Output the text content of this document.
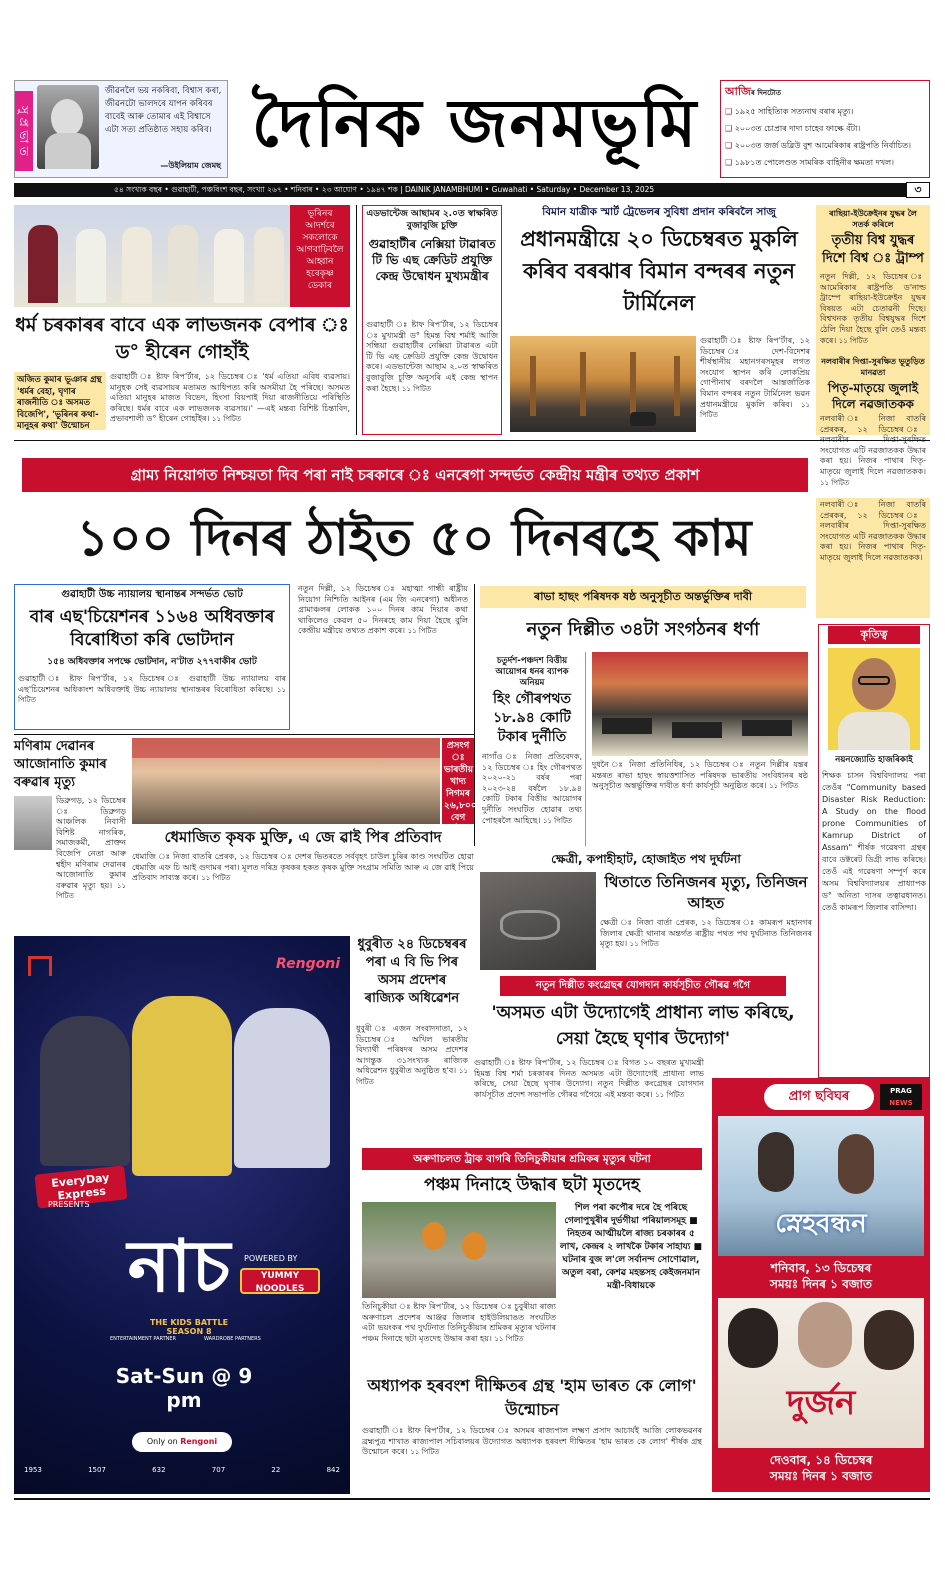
সু প্ৰ ভা ত
জীৱনলৈ ভয় নকৰিবা, বিশ্বাস কৰা, জীৱনটো ভালদৰে যাপন কৰিবৰ বাবেই আৰু তোমাৰ এই বিশ্বাসে এটা সত্য প্ৰতিষ্ঠাত সহায় কৰিব।
—উইলিয়াম জেমছ
দৈনিক জনমভূমি	আজিৰ দিনটোত
❑ ১৯২৫ সাহিত্যিক সত্যনাথ বৰাৰ মৃত্যু।
❑ ২০০৩ত চোপ্ৰাৰ দাদা চাহেব ফাল্কে বঁটা।
❑ ২০০৩ত জৰ্জ ডব্লিউ বুশ আমেৰিকাৰ ৰাষ্ট্ৰপতি নিৰ্বাচিত।
❑ ১৯৮১ত পোলেণ্ডত সামৰিক বাহিনীৰ ক্ষমতা দখল।
৫৪ সংখ্যক বছৰ • গুৱাহাটী, পঞ্চবিংশ বছৰ, সংখ্যা ২৬৭ • শনিবাৰ • ২৩ আঘোণ • ১৯৪৭ শক | DAINIK JANAMBHUMI • Guwahati • Saturday • December 13, 2025	৩
ভূৰিনৰ আদৰ্শৰে সকলোকে আগবাঢ়িবলৈ আহ্বান হৰেকৃষ্ণ ডেকাৰ
ধৰ্ম চৰকাৰৰ বাবে এক লাভজনক বেপাৰ ঃ ড° হীৰেন গোহাঁই
অজিত কুমাৰ ভূঞাৰ গ্ৰন্থ 'ধৰ্মৰ বেহা, ঘৃণাৰ ৰাজনীতি ঃ অসমত বিজেপি', 'ভূৰিনৰ কথা-মানুহৰ কথা' উন্মোচন
গুৱাহাটী ঃ ষ্টাফ ৰিপ'ৰ্টাৰ, ১২ ডিচেম্বৰ ঃ 'ধৰ্ম এতিয়া এবিধ ব্যৱসায়। মানুহক সেই ব্যৱসায়ৰ মতামত আধিপত্য কৰি অসমীয়া হৈ পৰিছে। অসমত এতিয়া মানুহৰ মাজত বিভেদ, হিংসা বিয়পাই দিয়া ৰাজনীতিয়ে পৰিস্থিতি কৰিছে। ধৰ্মৰ বাবে এক লাভজনক ব্যৱসায়।' —এই মন্তব্য বিশিষ্ট চিন্তাবিদ, প্ৰভাবশালী ড° হীৰেন গোহাঁইৰ। ১১ পিটিত
এডভান্টেজ আছামৰ ২.০ত স্বাক্ষৰিত বুজাবুজি চুক্তি
গুৱাহাটীৰ নেক্সিয়া টাৱাৰত টি ভি এছ ক্ৰেডিট প্ৰযুক্তি কেন্দ্ৰ উদ্বোধন মুখ্যমন্ত্ৰীৰ
গুৱাহাটী ঃ ষ্টাফ ৰিপ'ৰ্টাৰ, ১২ ডিচেম্বৰ ঃ মুখ্যমন্ত্ৰী ড° হিমন্ত বিশ্ব শৰ্মাই আজি সন্ধিয়া গুৱাহাটীৰ নেক্সিয়া টাৱাৰত এটা টি ভি এছ ক্ৰেডিট প্ৰযুক্তি কেন্দ্ৰ উদ্বোধন কৰে। এডভান্টেজ আছাম ২.০ত স্বাক্ষৰিত বুজাবুজি চুক্তি অনুসৰি এই কেন্দ্ৰ স্থাপন কৰা হৈছে। ১১ পিটিত
বিমান যাত্ৰীক স্মাৰ্ট ট্ৰেভেলৰ সুবিধা প্ৰদান কৰিবলৈ সাজু
প্ৰধানমন্ত্ৰীয়ে ২০ ডিচেম্বৰত মুকলি কৰিব বৰঝাৰ বিমান বন্দৰৰ নতুন টাৰ্মিনেল
গুৱাহাটী ঃ ষ্টাফ ৰিপ'ৰ্টাৰ, ১২ ডিচেম্বৰ ঃ দেশ-বিদেশৰ শীৰ্ষস্থানীয় মহানগৰসমূহৰ লগত সংযোগ স্থাপন কৰি লোকপ্ৰিয় গোপীনাথ বৰদলৈ আন্তৰ্জাতিক বিমান বন্দৰৰ নতুন টাৰ্মিনেল ভৱন প্ৰধানমন্ত্ৰীয়ে মুকলি কৰিব। ১১ পিটিত
ৰাছিয়া-ইউক্ৰেইনৰ যুদ্ধৰ লৈ সতৰ্ক কৰিলে
তৃতীয় বিশ্ব যুদ্ধৰ দিশে বিশ্ব ঃ ট্ৰাম্প
নতুন দিল্লী, ১২ ডিচেম্বৰ ঃ আমেৰিকাৰ ৰাষ্ট্ৰপতি ড'নাল্ড ট্ৰাম্পে ৰাছিয়া-ইউক্ৰেইন যুদ্ধৰ বিষয়ত এটা চেতাৱনী দিছে। বিশ্বখনক তৃতীয় বিশ্বযুদ্ধৰ দিশে ঠেলি দিয়া হৈছে বুলি তেওঁ মন্তব্য কৰে। ১১ পিটিত
নলবাৰীৰ দিপ্তা-সুৰক্ষিত ভূতুড়িত মানৱতা
পিতৃ-মাতৃয়ে জুলাই দিলে নৱজাতকক
নলবাৰী ঃ নিজা বাতৰি প্ৰেৰকৰ, ১২ ডিচেম্বৰ ঃ সংযোগত এটি নৱজাতকক উদ্ধাৰ কৰা হয়। নিজৰ পাথাৰ দিতৃ-মাতৃয়ে জুলাই দিলে নৱজাতকক। ১১ পিটিত
নলবাৰী ঃ নিজা বাতৰি প্ৰেৰকৰ, ১২ ডিচেম্বৰ ঃ নলবাৰীৰ দিপ্তা-সুৰক্ষিত সংযোগত এটি নৱজাতকক উদ্ধাৰ কৰা হয়। নিজৰ পাথাৰ দিতৃ-মাতৃয়ে জুলাই দিলে নৱজাতকক।
গ্ৰাম্য নিয়োগত নিশ্চয়তা দিব পৰা নাই চৰকাৰে ঃ এনৰেগা সন্দৰ্ভত কেন্দ্ৰীয় মন্ত্ৰীৰ তথ্যত প্ৰকাশ
১০০ দিনৰ ঠাইত ৫০ দিনৰহে কাম
গুৱাহাটী উচ্চ ন্যায়ালয় স্থানান্তৰ সন্দৰ্ভত ভোট
বাৰ এছ'চিয়েশনৰ ১১৬৪ অধিবক্তাৰ বিৰোধিতা কৰি ভোটদান
১৫৪ অধিবক্তাৰ সপক্ষে ভোটদান, ন'টাত ২৭৭বাকীৰ ভোট
গুৱাহাটী ঃ ষ্টাফ ৰিপ'ৰ্টাৰ, ১২ ডিচেম্বৰ ঃ গুৱাহাটী উচ্চ ন্যায়ালয় বাৰ এছ'চিয়েশনৰ অধিকাংশ অধিবক্তাই উচ্চ ন্যায়ালয় স্থানান্তৰৰ বিৰোধিতা কৰিছে। ১১ পিটিত
নতুন দিল্লী, ১২ ডিচেম্বৰ ঃ মহাত্মা গান্ধী ৰাষ্ট্ৰীয় নিয়োগ নিশ্চিতি আইনৰ (এম জি এনৰেগা) অধীনত গ্ৰামাঞ্চলৰ লোকক ১০০ দিনৰ কাম দিয়াৰ কথা থাকিলেও কেৱল ৫০ দিনৰহে কাম দিয়া হৈছে বুলি কেন্দ্ৰীয় মন্ত্ৰীয়ে তথ্যত প্ৰকাশ কৰে। ১১ পিটিত
ৰাভা হাছং পৰিষদক ষষ্ঠ অনুসূচীত অন্তৰ্ভুক্তিৰ দাবী
নতুন দিল্লীত ৩৪টা সংগঠনৰ ধৰ্ণা
চতুৰ্দশ-পঞ্চদশ বিত্তীয় আয়োগৰ ধনৰ ব্যাপক অনিয়ম
হিং গৌৰপথত ১৮.৯৪ কোটি টকাৰ দুৰ্নীতি
নাগাঁও ঃ নিজা প্ৰতিবেদক, ১২ ডিচেম্বৰ ঃ হিং গৌৰপথত ২০২০-২১ বৰ্ষৰ পৰা ২০২৩-২৪ বৰ্ষলৈ ১৮.৯৪ কোটি টকাৰ বিত্তীয় আয়োগৰ দুৰ্নীতি সংঘটিত হোৱাৰ তথ্য পোহৰলৈ আহিছে। ১১ পিটিত
দুধনৈ ঃ নিজা প্ৰতিনিধিৰ, ১২ ডিচেম্বৰ ঃ নতুন দিল্লীৰ যন্তৰ মন্তৰত ৰাভা হাছং স্বায়ত্তশাসিত পৰিষদক ভাৰতীয় সংবিধানৰ ষষ্ঠ অনুসূচীত অন্তৰ্ভুক্তিৰ দাবীত ধৰ্ণা কাৰ্যসূচী অনুষ্ঠিত কৰে। ১১ পিটিত
কৃতিত্ব
নয়নজ্যোতি হাজৰিকাই
শিক্ষক চাসন বিশ্ববিদ্যালয় পৰা তেওঁৰ "Community based Disaster Risk Reduction: A Study on the flood prone Communities of Kamrup District of Assam" শীৰ্ষক গৱেষণা গ্ৰন্থৰ বাবে ডক্টৰেট ডিগ্ৰী লাভ কৰিছে। তেওঁ এই গৱেষণা সম্পূৰ্ণ কৰে অসম বিশ্ববিদ্যালয়ৰ প্ৰাধ্যাপক ড° অনিতা দাসৰ তত্বাৱধানত। তেওঁ কামৰূপ জিলাৰ বাসিন্দা।
মণিৰাম দেৱানৰ আজোনাতি কুমাৰ বৰুৱাৰ মৃত্যু
ডিব্ৰুগড়, ১২ ডিচেম্বৰ ঃ ডিব্ৰুগড় আঞ্চলিক নিবাসী বিশিষ্ট নাগৰিক, সমাজকৰ্মী, প্ৰাক্তন বিজেপি নেতা আৰু শ্বহীদ মণিৰাম দেৱানৰ আজোনাতি কুমাৰ বৰুৱাৰ মৃত্যু হয়। ১১ পিটিত
প্ৰসংগ ঃ ভাৰতীয় খাদ্য নিগমৰ ২৬,৮০০ বেগ চাউল হেৰুৱাই
ধেমাজিত কৃষক মুক্তি, এ জে ৱাই পিৰ প্ৰতিবাদ
ধেমাজি ঃ নিজা বাতৰি প্ৰেৰক, ১২ ডিচেম্বৰ ঃ দেশৰ ভিতৰতে সৰ্ববৃহৎ চাউল চুৰিৰ কাণ্ড সংঘটিত হোৱা ধেমাজি এফ চি আই গুদামৰ পৰা। মূলত দৰিদ্ৰ কৃষকৰ হকত কৃষক মুক্তি সংগ্ৰাম সমিতি আৰু এ জে ৱাই পিয়ে প্ৰতিবাদ সাব্যস্ত কৰে। ১১ পিটিত
ক্ষেত্ৰী, কপাহীহাট, হোজাইত পথ দুৰ্ঘটনা
থিতাতে তিনিজনৰ মৃত্যু, তিনিজন আহত
ক্ষেত্ৰী ঃ নিজা বাৰ্তা প্ৰেৰক, ১২ ডিচেম্বৰ ঃ কামৰূপ মহানগৰ জিলাৰ ক্ষেত্ৰী থানাৰ অন্তৰ্গত ৰাষ্ট্ৰীয় পথত পথ দুৰ্ঘটনাত তিনিজনৰ মৃত্যু হয়। ১১ পিটিত
Rengoni
EveryDay Express
PRESENTS
নাচ
THE KIDS BATTLE SEASON 8
POWERED BY
YUMMY NOODLES
ENTERTAINMENT PARTNER	WARDROBE PARTNERS
Sat-Sun @ 9 pm
Only on Rengoni
1953	1507	632	707	22	842
ধুবুৰীত ২৪ ডিচেম্বৰৰ পৰা এ বি ভি পিৰ অসম প্ৰদেশৰ ৰাজ্যিক অধিৱেশন
ধুবুৰী ঃ এজন সংবাদদাতা, ১২ ডিচেম্বৰ ঃ অখিল ভাৰতীয় বিদ্যাৰ্থী পৰিষদৰ অসম প্ৰদেশৰ আগন্তুক ৩১সংখ্যক ৰাজ্যিক অধিৱেশন ধুবুৰীত অনুষ্ঠিত হ'ব। ১১ পিটিত
নতুন দিল্লীত কংগ্ৰেছৰ যোগদান কাৰ্যসূচীত গৌৰৱ গগৈ
'অসমত এটা উদ্যোগেই প্ৰাধান্য লাভ কৰিছে, সেয়া হৈছে ঘৃণাৰ উদ্যোগ'
গুৱাহাটী ঃ ষ্টাফ ৰিপ'ৰ্টাৰ, ১২ ডিচেম্বৰ ঃ বিগত ১০ বছৰত মুখ্যমন্ত্ৰী হিমন্ত বিশ্ব শৰ্মা চৰকাৰৰ দিনত অসমত এটা উদ্যোগেই প্ৰাধান্য লাভ কৰিছে, সেয়া হৈছে ঘৃণাৰ উদ্যোগ। নতুন দিল্লীত কংগ্ৰেছৰ যোগদান কাৰ্যসূচীত প্ৰদেশ সভাপতি গৌৰৱ গগৈয়ে এই মন্তব্য কৰে। ১১ পিটিত
অৰুণাচলত ট্ৰাক বাগৰি তিনিচুকীয়াৰ শ্ৰমিকৰ মৃত্যুৰ ঘটনা
পঞ্চম দিনাহে উদ্ধাৰ ছটা মৃতদেহ
শিল পৰা কপৌৰ দৰে হৈ পৰিছে গেলাপুখুৰীৰ দুৰ্ভগীয়া পৰিয়ালসমূহ ■ নিহতৰ আত্মীয়লৈ ৰাজ্য চৰকাৰৰ ৫ লাখ, কেন্দ্ৰৰ ২ লাখকৈ টকাৰ সাহায্য ■ ঘটনাৰ বুজ ল'লে সৰ্বানন্দ সোণোৱাল, অতুল বৰা, কেশৱ মহন্তসহ কেইজনমান মন্ত্ৰী-বিধায়কে
তিনিচুকীয়া ঃ ষ্টাফ ৰিপ'ৰ্টাৰ, ১২ ডিচেম্বৰ ঃ চুবুৰীয়া ৰাজ্য অৰুণাচল প্ৰদেশৰ আঞ্জৱ জিলাৰ হাইউলিয়াঙত সংঘটিত এটা ভয়ংকৰ পথ দুৰ্ঘটনাত তিনিচুকীয়াৰ শ্ৰমিকৰ মৃত্যুৰ ঘটনাৰ পঞ্চম দিনাহে ছটা মৃতদেহ উদ্ধাৰ কৰা হয়। ১১ পিটিত
অধ্যাপক হৰবংশ দীক্ষিতৰ গ্ৰন্থ 'হাম ভাৰত কে লোগ' উন্মোচন
গুৱাহাটী ঃ ষ্টাফ ৰিপ'ৰ্টাৰ, ১২ ডিচেম্বৰ ঃ অসমৰ ৰাজ্যপাল লক্ষ্মণ প্ৰসাদ আচাৰ্যই আজি লোকভৱনৰ ব্ৰহ্মপুত্ৰ শাখাত ৰাজ্যপাল সচিবালয়ৰ উদ্যোগত অধ্যাপক হৰবংশ দীক্ষিতৰ 'হাম ভাৰত কে লোগ' শীৰ্ষক গ্ৰন্থ উন্মোচন কৰে। ১১ পিটিত
প্ৰাগ ছবিঘৰ	PRAG
NEWS
স্নেহবন্ধন
শনিবাৰ, ১৩ ডিচেম্বৰ
সময়ঃ দিনৰ ১ বজাত
দুৰ্জন
দেওবাৰ, ১৪ ডিচেম্বৰ
সময়ঃ দিনৰ ১ বজাত
